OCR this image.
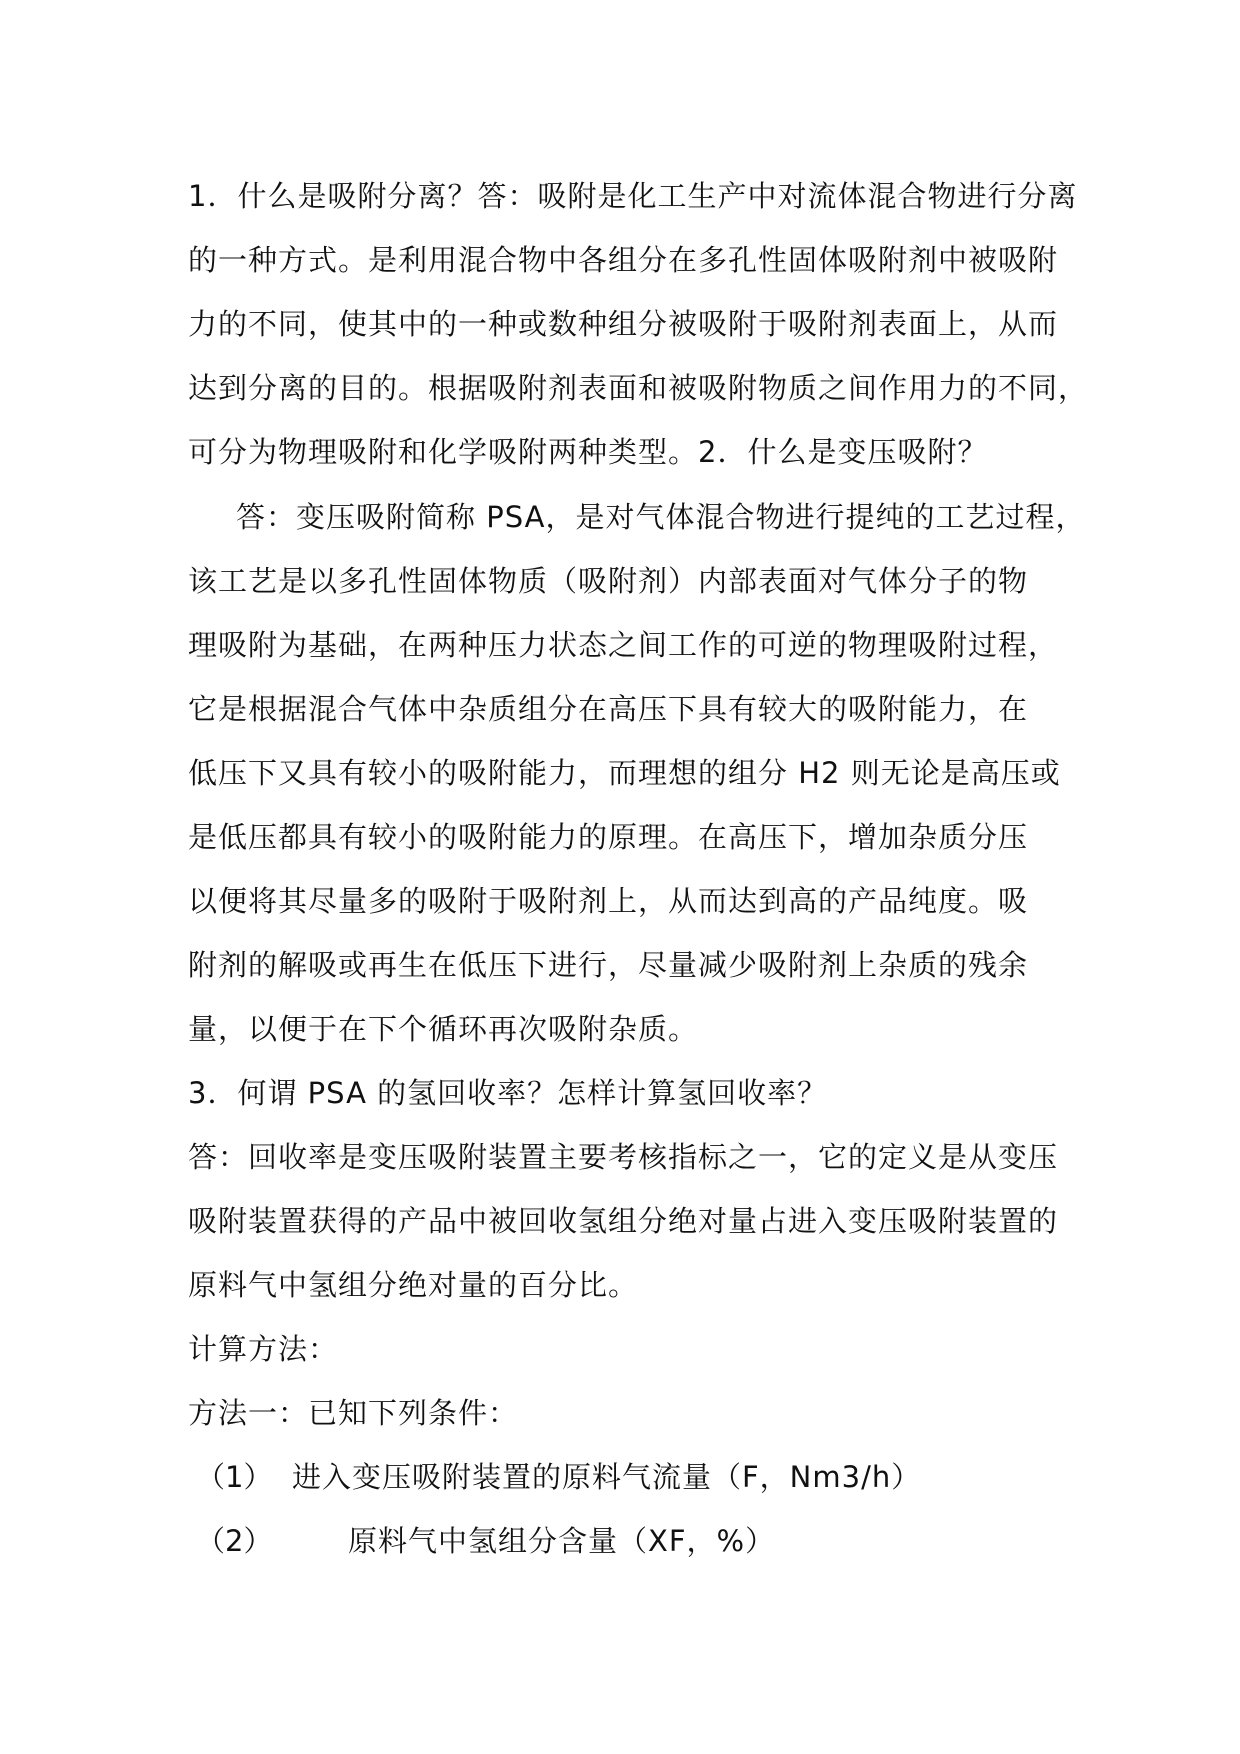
1．什么是吸附分离？答：吸附是化工生产中对流体混合物进行分离
的一种方式。是利用混合物中各组分在多孔性固体吸附剂中被吸附
力的不同，使其中的一种或数种组分被吸附于吸附剂表面上，从而
达到分离的目的。根据吸附剂表面和被吸附物质之间作用力的不同，
可分为物理吸附和化学吸附两种类型。2．什么是变压吸附？
答：变压吸附简称 PSA，是对气体混合物进行提纯的工艺过程，
该工艺是以多孔性固体物质（吸附剂）内部表面对气体分子的物
理吸附为基础，在两种压力状态之间工作的可逆的物理吸附过程，
它是根据混合气体中杂质组分在高压下具有较大的吸附能力，在
低压下又具有较小的吸附能力，而理想的组分 H2 则无论是高压或
是低压都具有较小的吸附能力的原理。在高压下，增加杂质分压
以便将其尽量多的吸附于吸附剂上，从而达到高的产品纯度。吸
附剂的解吸或再生在低压下进行，尽量减少吸附剂上杂质的残余
量，以便于在下个循环再次吸附杂质。
3．何谓 PSA 的氢回收率？怎样计算氢回收率？
答：回收率是变压吸附装置主要考核指标之一，它的定义是从变压
吸附装置获得的产品中被回收氢组分绝对量占进入变压吸附装置的
原料气中氢组分绝对量的百分比。
计算方法：
方法一：已知下列条件：
（1） 进入变压吸附装置的原料气流量（F，Nm3/h）
（2）	原料气中氢组分含量（XF，%）
